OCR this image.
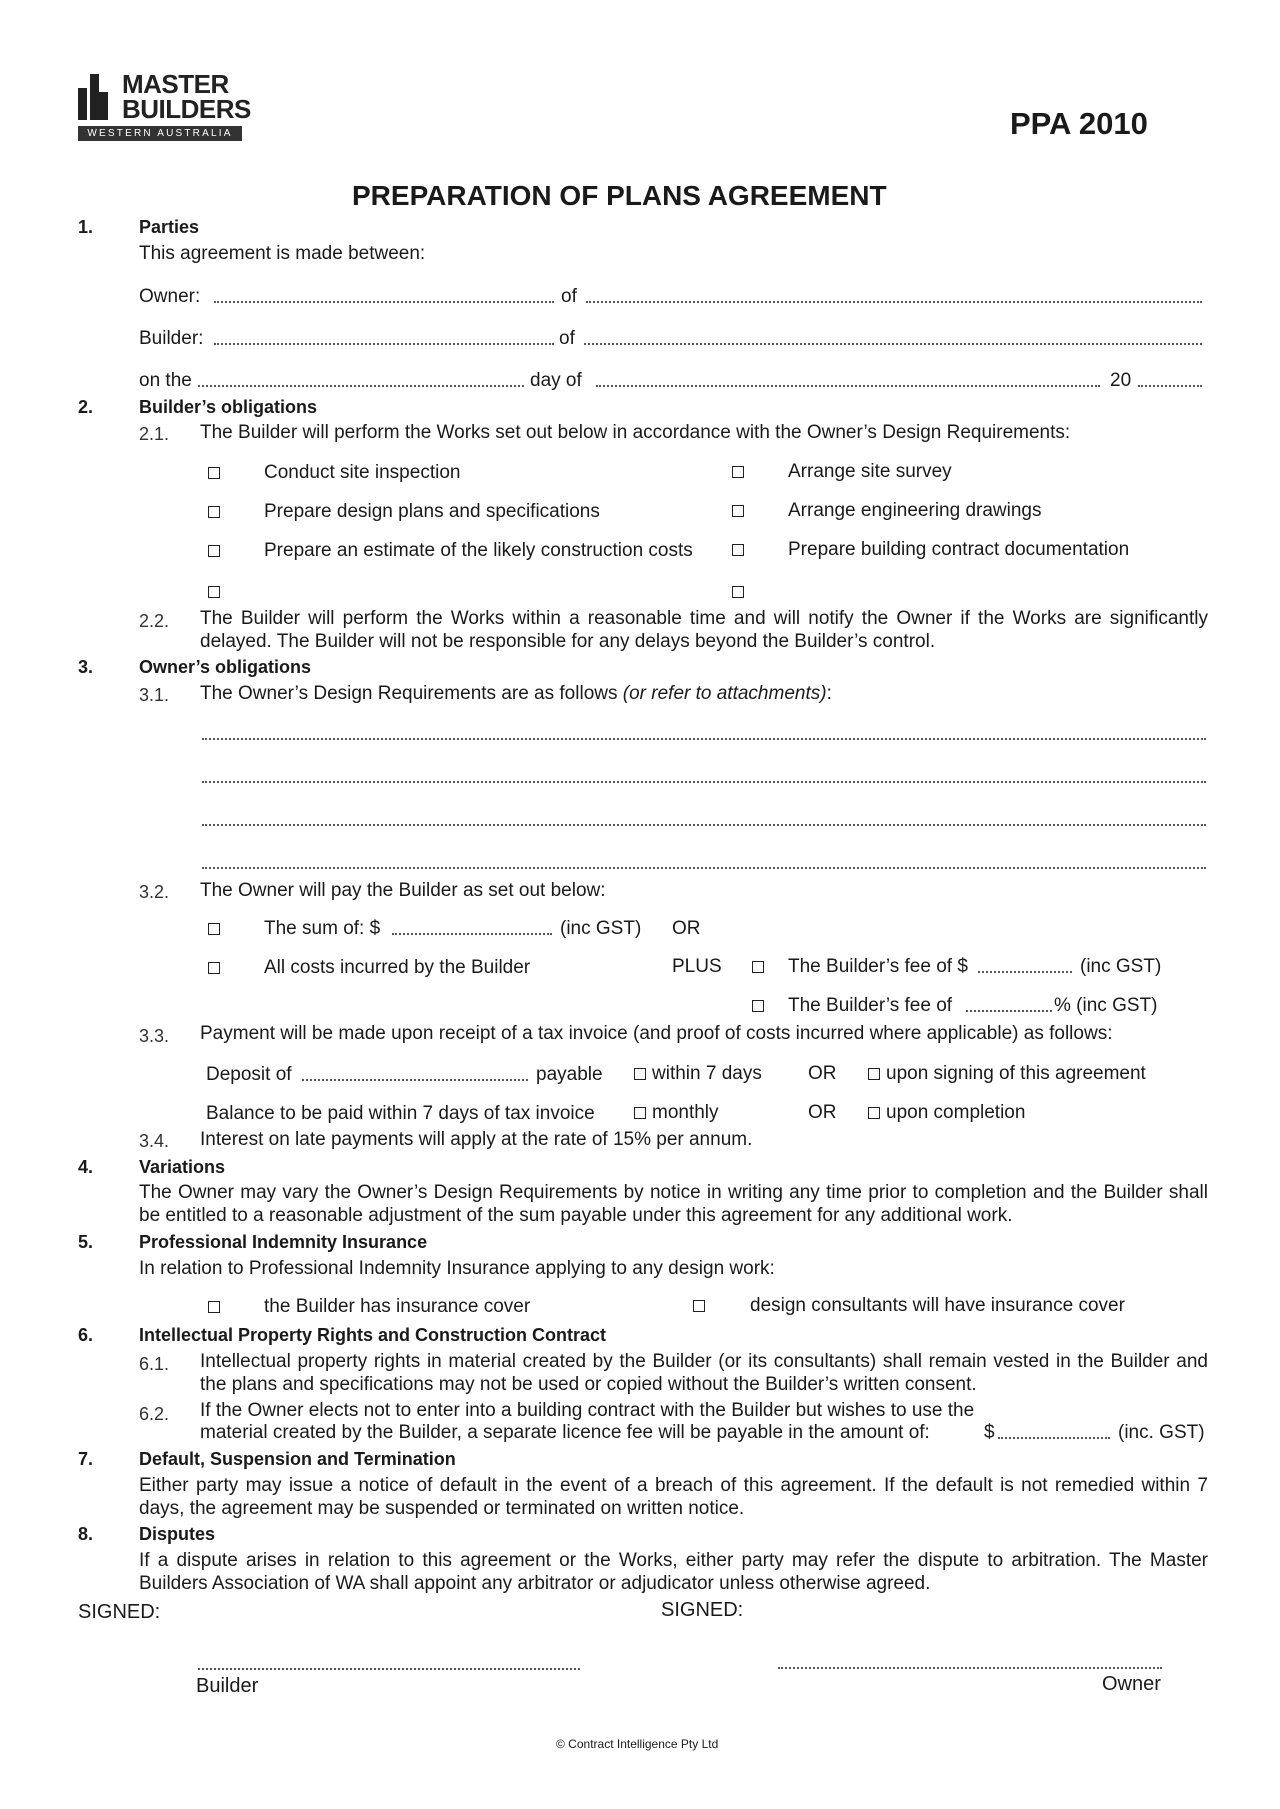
MASTER
BUILDERS
WESTERN AUSTRALIA	PPA 2010
PREPARATION OF PLANS AGREEMENT
1.	Parties
This agreement is made between:
Owner:	of
Builder:	of
on the	day of	20
2.	Builder’s obligations
2.1. The Builder will perform the Works set out below in accordance with the Owner’s Design Requirements:
Conduct site inspection	Arrange site survey
Prepare design plans and specifications	Arrange engineering drawings
Prepare an estimate of the likely construction costs	Prepare building contract documentation
2.2. The Builder will perform the Works within a reasonable time and will notify the Owner if the Works are significantly delayed. The Builder will not be responsible for any delays beyond the Builder’s control.
3.	Owner’s obligations
3.1. The Owner’s Design Requirements are as follows (or refer to attachments):
3.2. The Owner will pay the Builder as set out below:
The sum of: $	(inc GST) OR
All costs incurred by the Builder	PLUS	The Builder’s fee of $	(inc GST)
The Builder’s fee of	% (inc GST)
3.3. Payment will be made upon receipt of a tax invoice (and proof of costs incurred where applicable) as follows:
Deposit of	payable	within 7 days OR	upon signing of this agreement
Balance to be paid within 7 days of tax invoice	monthly	OR	upon completion
3.4. Interest on late payments will apply at the rate of 15% per annum.
4.	Variations
The Owner may vary the Owner’s Design Requirements by notice in writing any time prior to completion and the Builder shall be entitled to a reasonable adjustment of the sum payable under this agreement for any additional work.
5.	Professional Indemnity Insurance
In relation to Professional Indemnity Insurance applying to any design work:
the Builder has insurance cover	design consultants will have insurance cover
6.	Intellectual Property Rights and Construction Contract
6.1. Intellectual property rights in material created by the Builder (or its consultants) shall remain vested in the Builder and the plans and specifications may not be used or copied without the Builder’s written consent.
6.2. If the Owner elects not to enter into a building contract with the Builder but wishes to use the
material created by the Builder, a separate licence fee will be payable in the amount of:	$	(inc. GST)
7.	Default, Suspension and Termination
Either party may issue a notice of default in the event of a breach of this agreement. If the default is not remedied within 7 days, the agreement may be suspended or terminated on written notice.
8.	Disputes
If a dispute arises in relation to this agreement or the Works, either party may refer the dispute to arbitration. The Master Builders Association of WA shall appoint any arbitrator or adjudicator unless otherwise agreed.
SIGNED:	SIGNED:
Builder	Owner
© Contract Intelligence Pty Ltd
